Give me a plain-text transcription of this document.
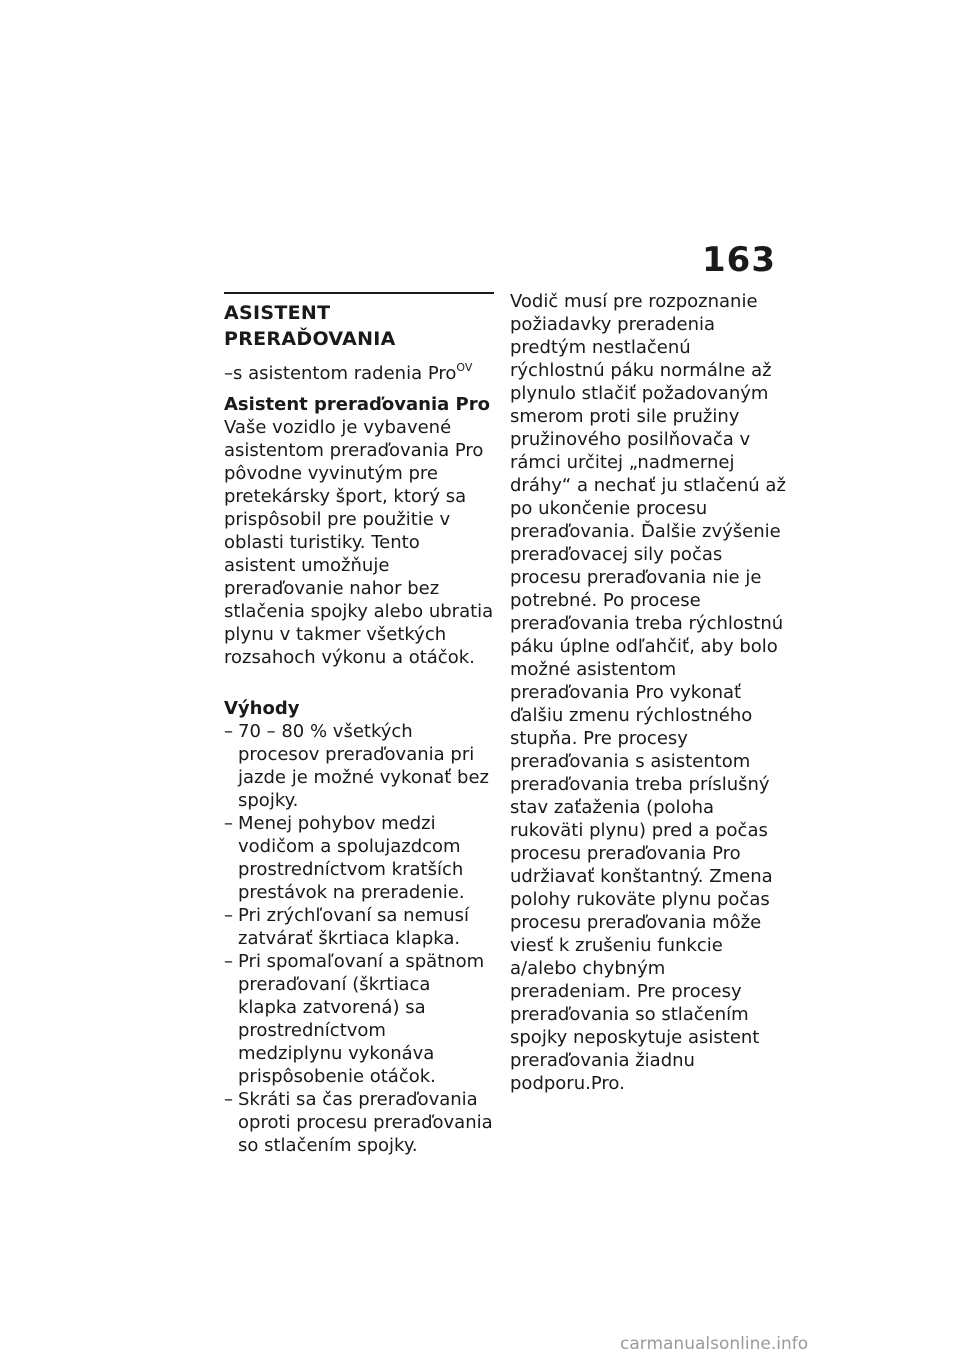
163
ASISTENT PRERAĎOVANIA
–s asistentom radenia Pro$^{OV}$
Asistent preraďovania Pro

Vaše vozidlo je vybavené asistentom preraďovania Pro pôvodne vyvinutým pre pretekársky šport, ktorý sa prispôsobil pre použitie v oblasti turistiky. Tento asistent umožňuje preraďovanie nahor bez stlačenia spojky alebo ubratia plynu v takmer všetkých rozsahoch výkonu a otáčok.

Výhody
– 70 – 80 % všetkých procesov preraďovania pri jazde je možné vykonať bez spojky.
– Menej pohybov medzi vodičom a spolujazdcom prostredníctvom kratších prestávok na preradenie.
– Pri zrýchľovaní sa nemusí zatvárať škrtiaca klapka.
– Pri spomaľovaní a spätnom preraďovaní (škrtiaca klapka zatvorená) sa prostredníctvom medziplynu vykonáva prispôsobenie otáčok.
– Skráti sa čas preraďovania oproti procesu preraďovania so stlačením spojky.

Vodič musí pre rozpoznanie požiadavky preradenia predtým nestlačenú rýchlostnú páku normálne až plynulo stlačiť požadovaným smerom proti sile pružiny pružinového posilňovača v rámci určitej „nadmernej dráhy“ a nechať ju stlačenú až po ukončenie procesu preraďovania. Ďalšie zvýšenie preraďovacej sily počas procesu preraďovania nie je potrebné. Po procese preraďovania treba rýchlostnú páku úplne odľahčiť, aby bolo možné asistentom preraďovania Pro vykonať ďalšiu zmenu rýchlostného stupňa. Pre procesy preraďovania s asistentom preraďovania treba príslušný stav zaťaženia (poloha rukoväti plynu) pred a počas procesu preraďovania Pro udržiavať konštantný. Zmena polohy rukoväte plynu počas procesu preraďovania môže viesť k zrušeniu funkcie a/alebo chybným preradeniam. Pre procesy preraďovania so stlačením spojky neposkytuje asistent preraďovania žiadnu podporu.Pro.

carmanualsonline.info
